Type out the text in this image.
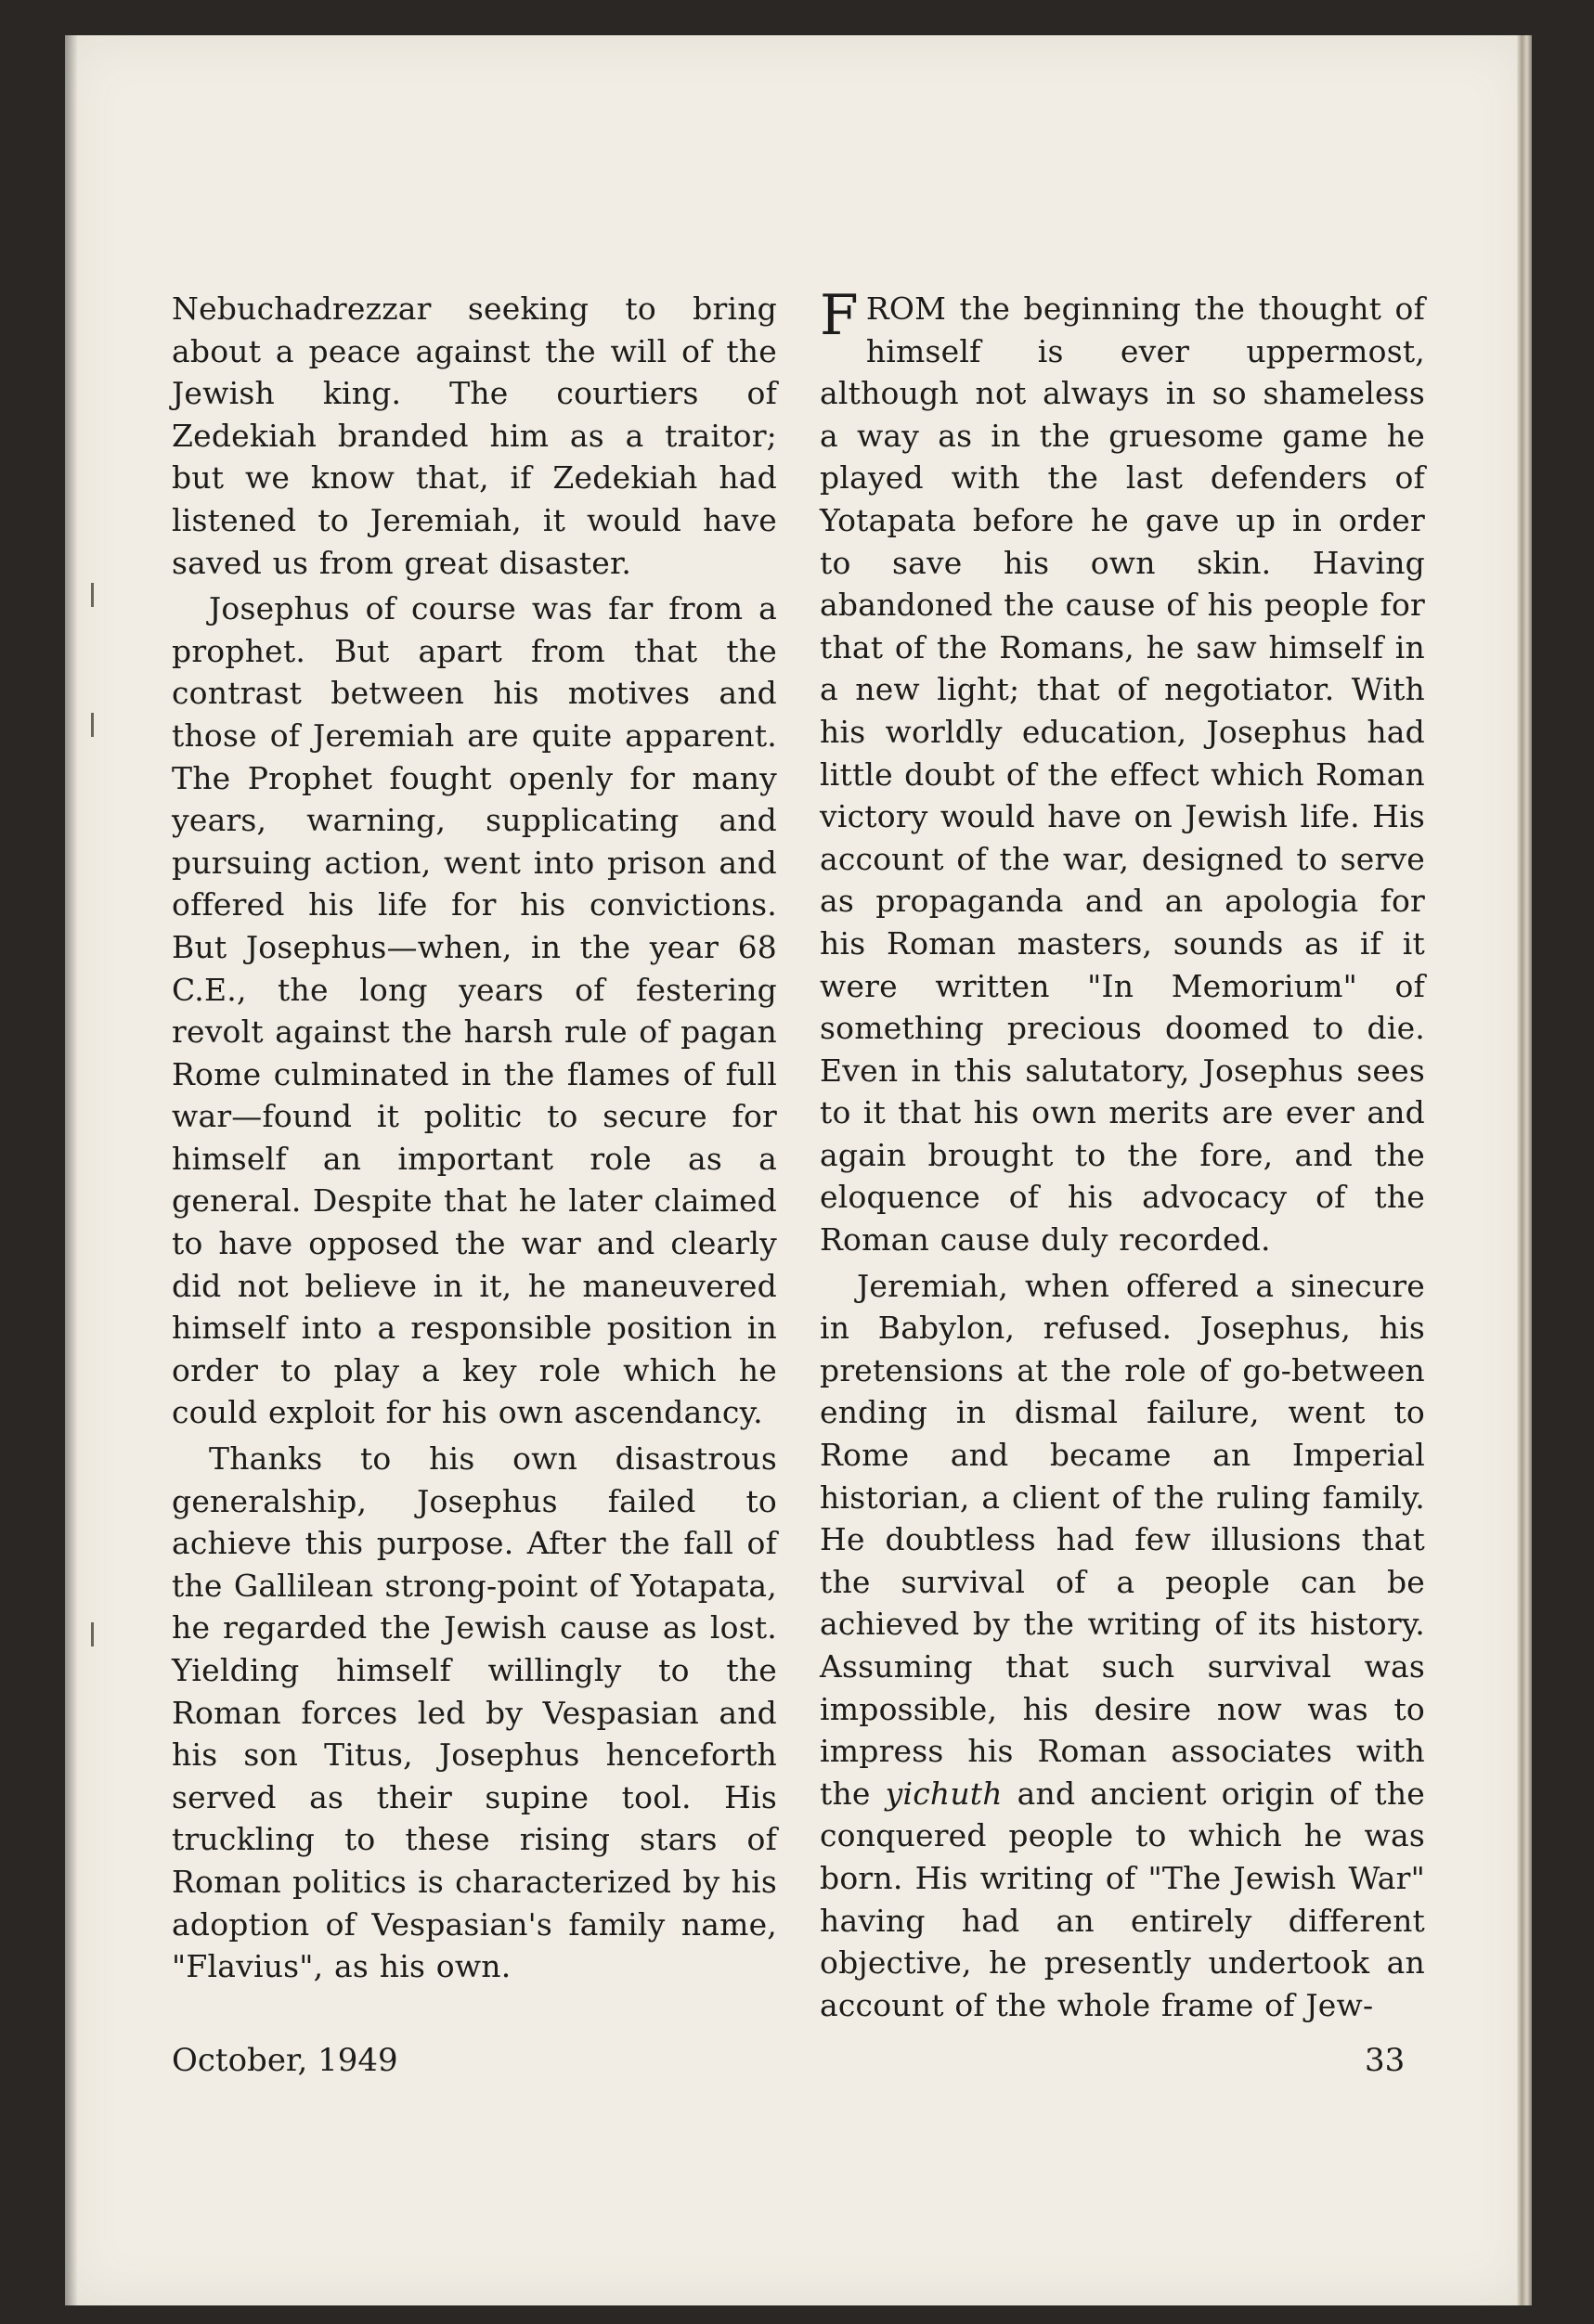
Nebuchadrezzar seeking to bring about a peace against the will of the Jewish king. The courtiers of Zedekiah branded him as a traitor; but we know that, if Zedekiah had listened to Jeremiah, it would have saved us from great disaster.

Josephus of course was far from a prophet. But apart from that the contrast between his motives and those of Jeremiah are quite apparent. The Prophet fought openly for many years, warning, supplicating and pursuing action, went into prison and offered his life for his convictions. But Josephus—when, in the year 68 C.E., the long years of festering revolt against the harsh rule of pagan Rome culminated in the flames of full war—found it politic to secure for himself an important role as a general. Despite that he later claimed to have opposed the war and clearly did not believe in it, he maneuvered himself into a responsible position in order to play a key role which he could exploit for his own ascendancy.

Thanks to his own disastrous generalship, Josephus failed to achieve this purpose. After the fall of the Gallilean strong-point of Yotapata, he regarded the Jewish cause as lost. Yielding himself willingly to the Roman forces led by Vespasian and his son Titus, Josephus henceforth served as their supine tool. His truckling to these rising stars of Roman politics is characterized by his adoption of Vespasian's family name, "Flavius", as his own.

FROM the beginning the thought of himself is ever uppermost, although not always in so shameless a way as in the gruesome game he played with the last defenders of Yotapata before he gave up in order to save his own skin. Having abandoned the cause of his people for that of the Romans, he saw himself in a new light; that of negotiator. With his worldly education, Josephus had little doubt of the effect which Roman victory would have on Jewish life. His account of the war, designed to serve as propaganda and an apologia for his Roman masters, sounds as if it were written "In Memorium" of something precious doomed to die. Even in this salutatory, Josephus sees to it that his own merits are ever and again brought to the fore, and the eloquence of his advocacy of the Roman cause duly recorded.

Jeremiah, when offered a sinecure in Babylon, refused. Josephus, his pretensions at the role of go-between ending in dismal failure, went to Rome and became an Imperial historian, a client of the ruling family. He doubtless had few illusions that the survival of a people can be achieved by the writing of its history. Assuming that such survival was impossible, his desire now was to impress his Roman associates with the yichuth and ancient origin of the conquered people to which he was born. His writing of "The Jewish War" having had an entirely different objective, he presently undertook an account of the whole frame of Jew-

October, 1949	33
